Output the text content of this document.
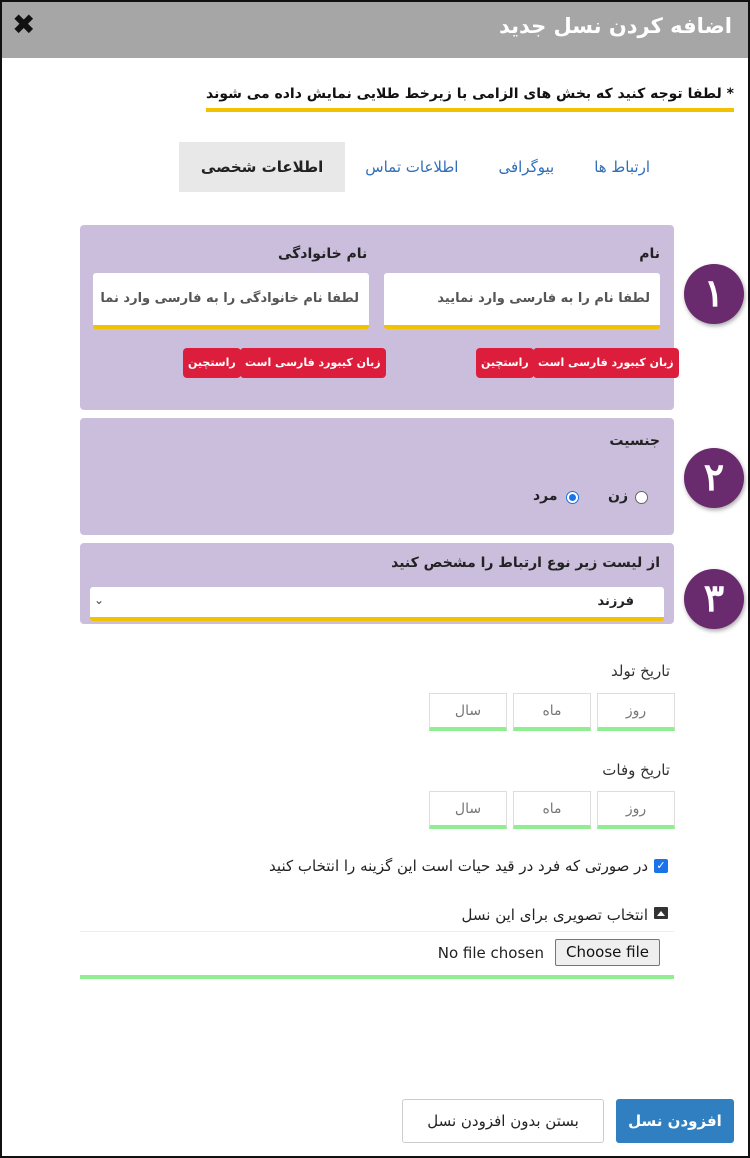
✖	اضافه کردن نسل جدید
* لطفا توجه کنید که بخش های الزامی با زیرخط طلایی نمایش داده می شوند
اطلاعات شخصی	اطلاعات تماس	بیوگرافی	ارتباط ها
١
نام
لطفا نام را به فارسی وارد نمایید
زبان کیبورد فارسی است
راستچین
نام خانوادگی
لطفا نام خانوادگی را به فارسی وارد نما
زبان کیبورد فارسی است
راستچین
٢
جنسیت
زن
مرد
٣
از لیست زیر نوع ارتباط را مشخص کنید
فرزند
⌄
تاریخ تولد
روز
ماه
سال
تاریخ وفات
روز
ماه
سال
✓
در صورتی که فرد در قید حیات است این گزینه را انتخاب کنید
انتخاب تصویری برای این نسل
No file chosen	Choose file
افزودن نسل
بستن بدون افزودن نسل
